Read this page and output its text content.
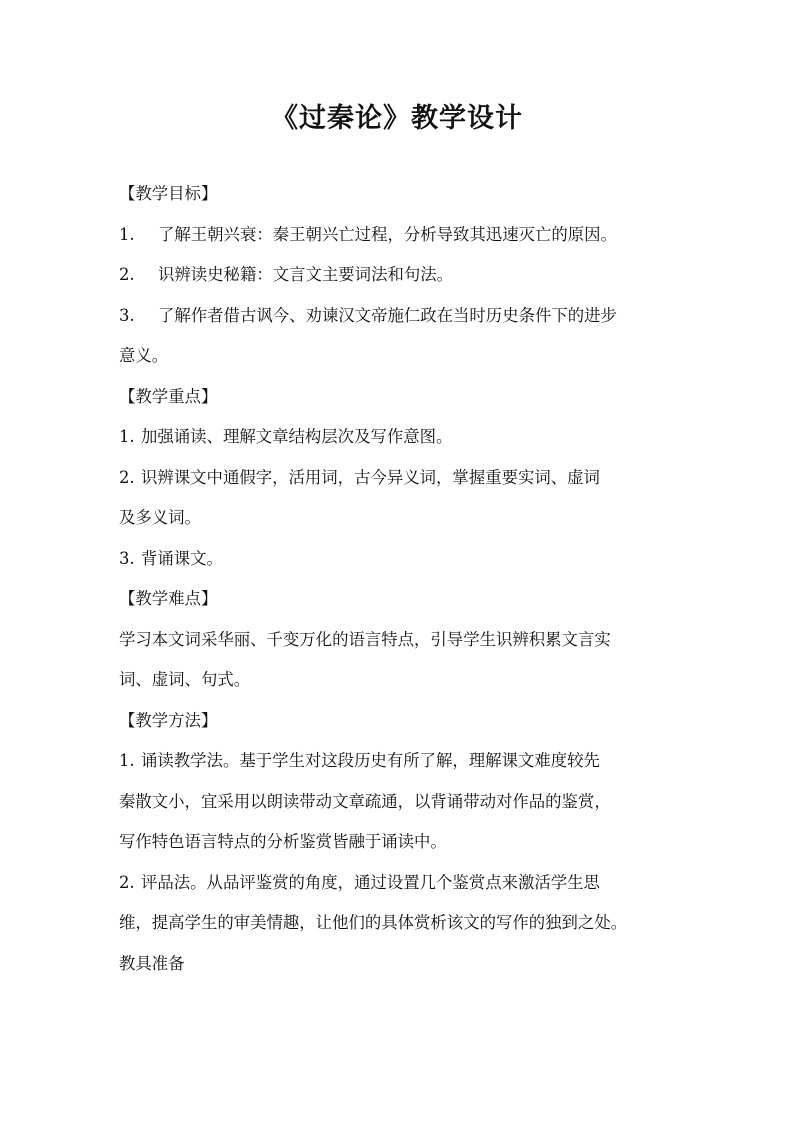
《过秦论》教学设计
【教学目标】
1. 了解王朝兴衰：秦王朝兴亡过程，分析导致其迅速灭亡的原因。
2. 识辨读史秘籍：文言文主要词法和句法。
3. 了解作者借古讽今、劝谏汉文帝施仁政在当时历史条件下的进步
意义。
【教学重点】
1. 加强诵读、理解文章结构层次及写作意图。
2. 识辨课文中通假字，活用词，古今异义词，掌握重要实词、虚词
及多义词。
3. 背诵课文。
【教学难点】
学习本文词采华丽、千变万化的语言特点，引导学生识辨积累文言实
词、虚词、句式。
【教学方法】
1. 诵读教学法。基于学生对这段历史有所了解，理解课文难度较先
秦散文小，宜采用以朗读带动文章疏通，以背诵带动对作品的鉴赏，
写作特色语言特点的分析鉴赏皆融于诵读中。
2. 评品法。从品评鉴赏的角度，通过设置几个鉴赏点来激活学生思
维，提高学生的审美情趣，让他们的具体赏析该文的写作的独到之处。
教具准备
